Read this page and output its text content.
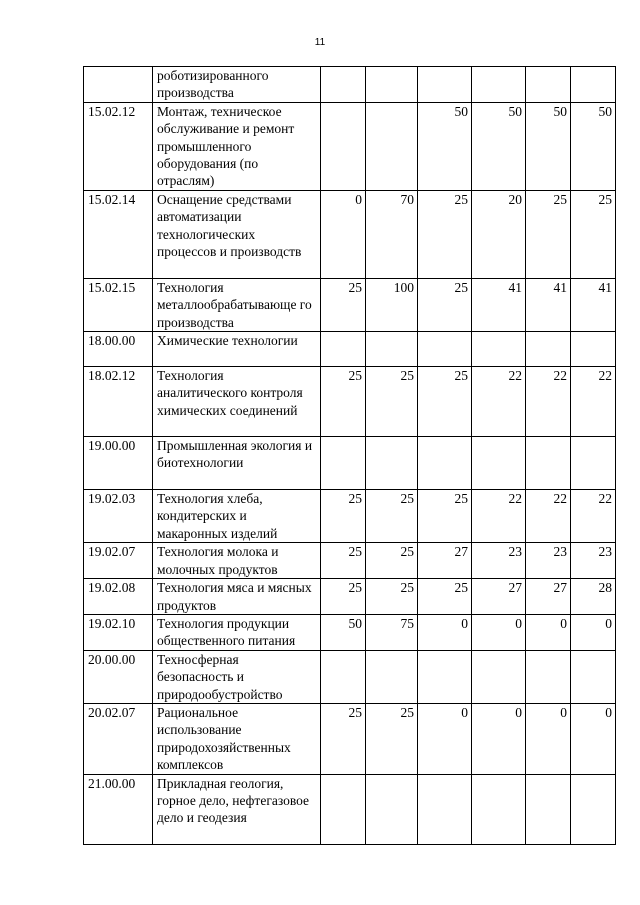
11
	роботизированного производства						
15.02.12	Монтаж, техническое обслуживание и ремонт промышленного оборудования (по отраслям)			50	50	50	50
15.02.14	Оснащение средствами автоматизации технологических процессов и производств	0	70	25	20	25	25
15.02.15	Технология металлообрабатывающе го производства	25	100	25	41	41	41
18.00.00	Химические технологии						
18.02.12	Технология аналитического контроля химических соединений	25	25	25	22	22	22
19.00.00	Промышленная экология и биотехнологии						
19.02.03	Технология хлеба, кондитерских и макаронных изделий	25	25	25	22	22	22
19.02.07	Технология молока и молочных продуктов	25	25	27	23	23	23
19.02.08	Технология мяса и мясных продуктов	25	25	25	27	27	28
19.02.10	Технология продукции общественного питания	50	75	0	0	0	0
20.00.00	Техносферная безопасность и природообустройство						
20.02.07	Рациональное использование природохозяйственных комплексов	25	25	0	0	0	0
21.00.00	Прикладная геология, горное дело, нефтегазовое дело и геодезия						
